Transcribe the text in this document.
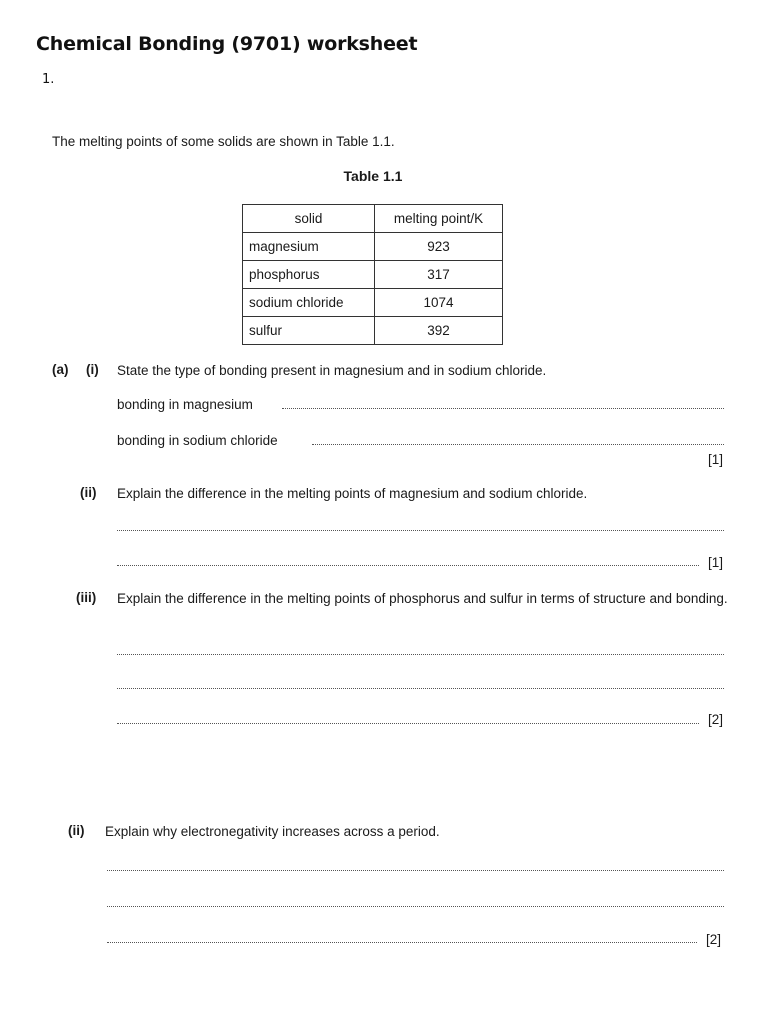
Chemical Bonding (9701) worksheet
1.
The melting points of some solids are shown in Table 1.1.
Table 1.1
solid	melting point/K
magnesium	923
phosphorus	317
sodium chloride	1074
sulfur	392
(a) (i) State the type of bonding present in magnesium and in sodium chloride.
bonding in magnesium
bonding in sodium chloride
[1]
(ii) Explain the difference in the melting points of magnesium and sodium chloride.
[1]
(iii) Explain the difference in the melting points of phosphorus and sulfur in terms of structure and bonding.
[2]
(ii) Explain why electronegativity increases across a period.
[2]
